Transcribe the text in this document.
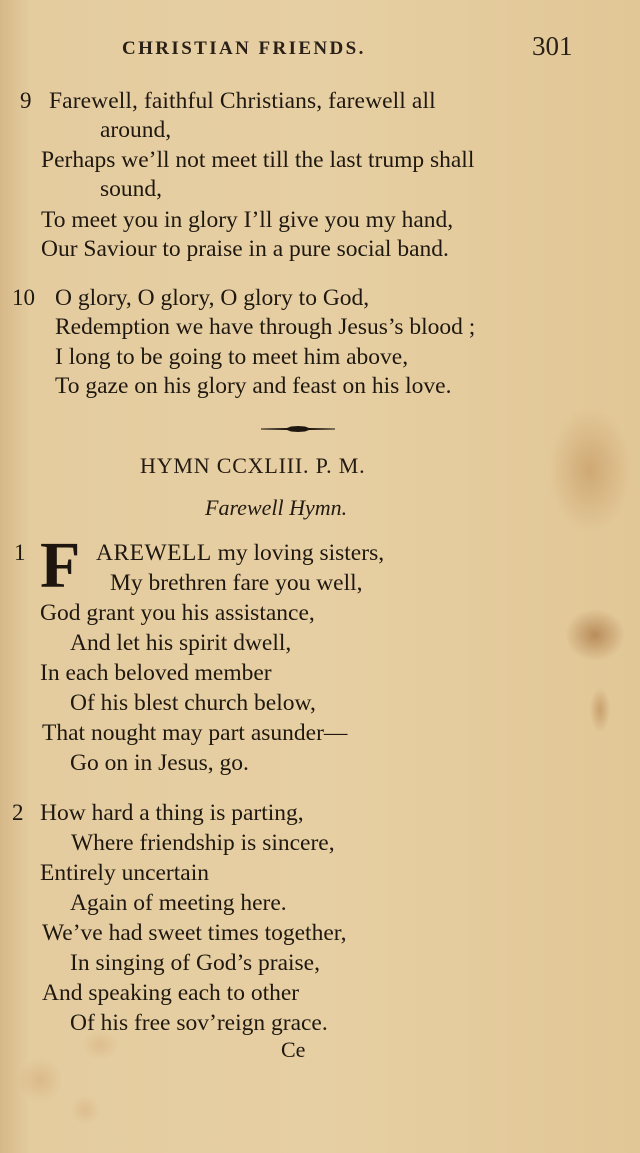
CHRISTIAN FRIENDS.	301
9 Farewell, faithful Christians, farewell all
around,
Perhaps we’ll not meet till the last trump shall
sound,
To meet you in glory I’ll give you my hand,
Our Saviour to praise in a pure social band.
10 O glory, O glory, O glory to God,
Redemption we have through Jesus’s blood ;
I long to be going to meet him above,
To gaze on his glory and feast on his love.
HYMN CCXLIII. P. M.
Farewell Hymn.
1 F AREWELL my loving sisters,
My brethren fare you well,
God grant you his assistance,
And let his spirit dwell,
In each beloved member
Of his blest church below,
That nought may part asunder—
Go on in Jesus, go.
2 How hard a thing is parting,
Where friendship is sincere,
Entirely uncertain
Again of meeting here.
We’ve had sweet times together,
In singing of God’s praise,
And speaking each to other
Of his free sov’reign grace.
Ce
